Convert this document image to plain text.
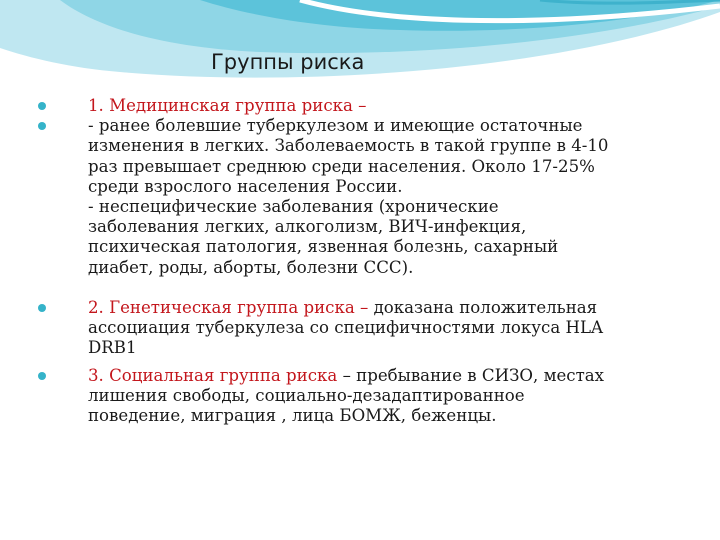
Группы риска
1. Медицинская группа риска –
- ранее болевшие туберкулезом и имеющие остаточные
изменения в легких. Заболеваемость в такой группе в 4-10
раз превышает среднюю среди населения. Около 17-25%
среди взрослого населения России.
- неспецифические заболевания (хронические
заболевания легких, алкоголизм, ВИЧ-инфекция,
психическая патология, язвенная болезнь, сахарный
диабет, роды, аборты, болезни ССС).
2. Генетическая группа риска – доказана положительная
ассоциация туберкулеза со специфичностями локуса HLA
DRB1
3. Социальная группа риска – пребывание в СИЗО, местах
лишения свободы, социально-дезадаптированное
поведение, миграция , лица БОМЖ, беженцы.
